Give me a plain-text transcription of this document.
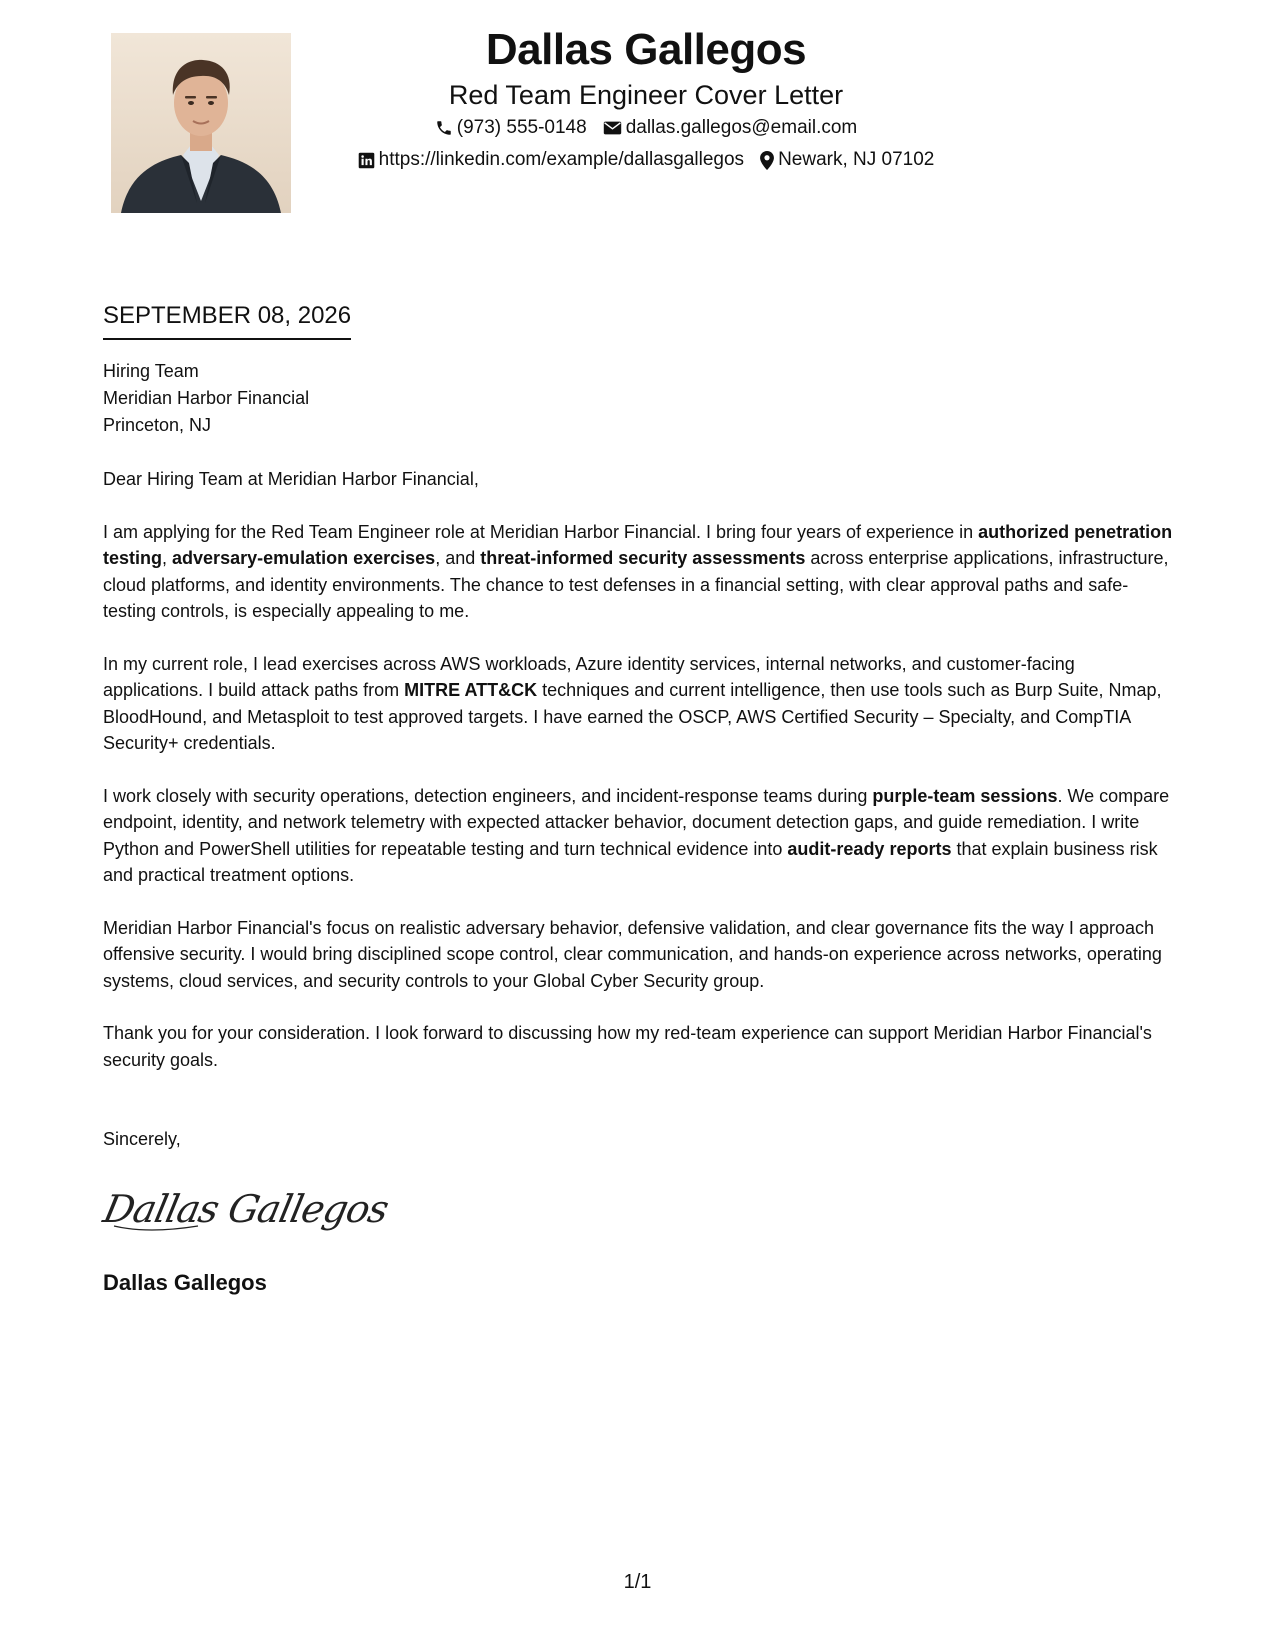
Dallas Gallegos
Red Team Engineer Cover Letter
(973) 555-0148 dallas.gallegos@email.com
https://linkedin.com/example/dallasgallegos Newark, NJ 07102
SEPTEMBER 08, 2026
Hiring Team
Meridian Harbor Financial
Princeton, NJ

Dear Hiring Team at Meridian Harbor Financial,

I am applying for the Red Team Engineer role at Meridian Harbor Financial. I bring four years of experience in authorized penetration testing, adversary-emulation exercises, and threat-informed security assessments across enterprise applications, infrastructure, cloud platforms, and identity environments. The chance to test defenses in a financial setting, with clear approval paths and safe-testing controls, is especially appealing to me.

In my current role, I lead exercises across AWS workloads, Azure identity services, internal networks, and customer-facing applications. I build attack paths from MITRE ATT&CK techniques and current intelligence, then use tools such as Burp Suite, Nmap, BloodHound, and Metasploit to test approved targets. I have earned the OSCP, AWS Certified Security – Specialty, and CompTIA Security+ credentials.

I work closely with security operations, detection engineers, and incident-response teams during purple-team sessions. We compare endpoint, identity, and network telemetry with expected attacker behavior, document detection gaps, and guide remediation. I write Python and PowerShell utilities for repeatable testing and turn technical evidence into audit-ready reports that explain business risk and practical treatment options.

Meridian Harbor Financial's focus on realistic adversary behavior, defensive validation, and clear governance fits the way I approach offensive security. I would bring disciplined scope control, clear communication, and hands-on experience across networks, operating systems, cloud services, and security controls to your Global Cyber Security group.

Thank you for your consideration. I look forward to discussing how my red-team experience can support Meridian Harbor Financial's security goals.

Sincerely,
Dallas Gallegos
Dallas Gallegos
1/1
